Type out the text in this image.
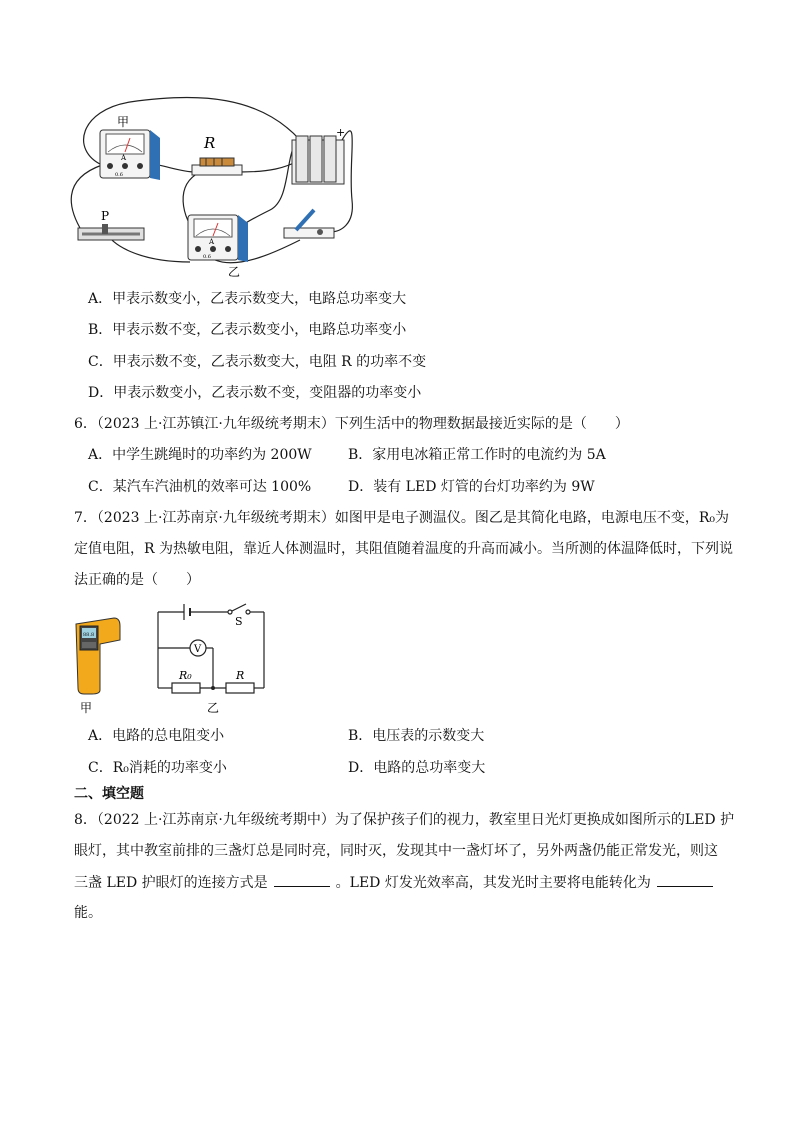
A
0.6
甲
R
+
P
A
0.6
乙
A．甲表示数变小，乙表示数变大，电路总功率变大
B．甲表示数不变，乙表示数变小，电路总功率变小
C．甲表示数不变，乙表示数变大，电阻 R 的功率不变
D．甲表示数变小，乙表示数不变，变阻器的功率变小
6．（2023 上·江苏镇江·九年级统考期末）下列生活中的物理数据最接近实际的是（　　）
A．中学生跳绳时的功率约为 200W	B．家用电冰箱正常工作时的电流约为 5A
C．某汽车汽油机的效率可达 100%	D．装有 LED 灯管的台灯功率约为 9W
7．（2023 上·江苏南京·九年级统考期末）如图甲是电子测温仪。图乙是其简化电路，电源电压不变，R₀为
定值电阻，R 为热敏电阻，靠近人体测温时，其阻值随着温度的升高而减小。当所测的体温降低时，下列说
法正确的是（　　）
88.8
甲
V
S
R₀	R
乙
A．电路的总电阻变小	B．电压表的示数变大
C．R₀消耗的功率变小	D．电路的总功率变大
二、填空题
8．（2022 上·江苏南京·九年级统考期中）为了保护孩子们的视力，教室里日光灯更换成如图所示的LED 护
眼灯，其中教室前排的三盏灯总是同时亮，同时灭，发现其中一盏灯坏了，另外两盏仍能正常发光，则这
三盏 LED 护眼灯的连接方式是	。LED 灯发光效率高，其发光时主要将电能转化为
能。
